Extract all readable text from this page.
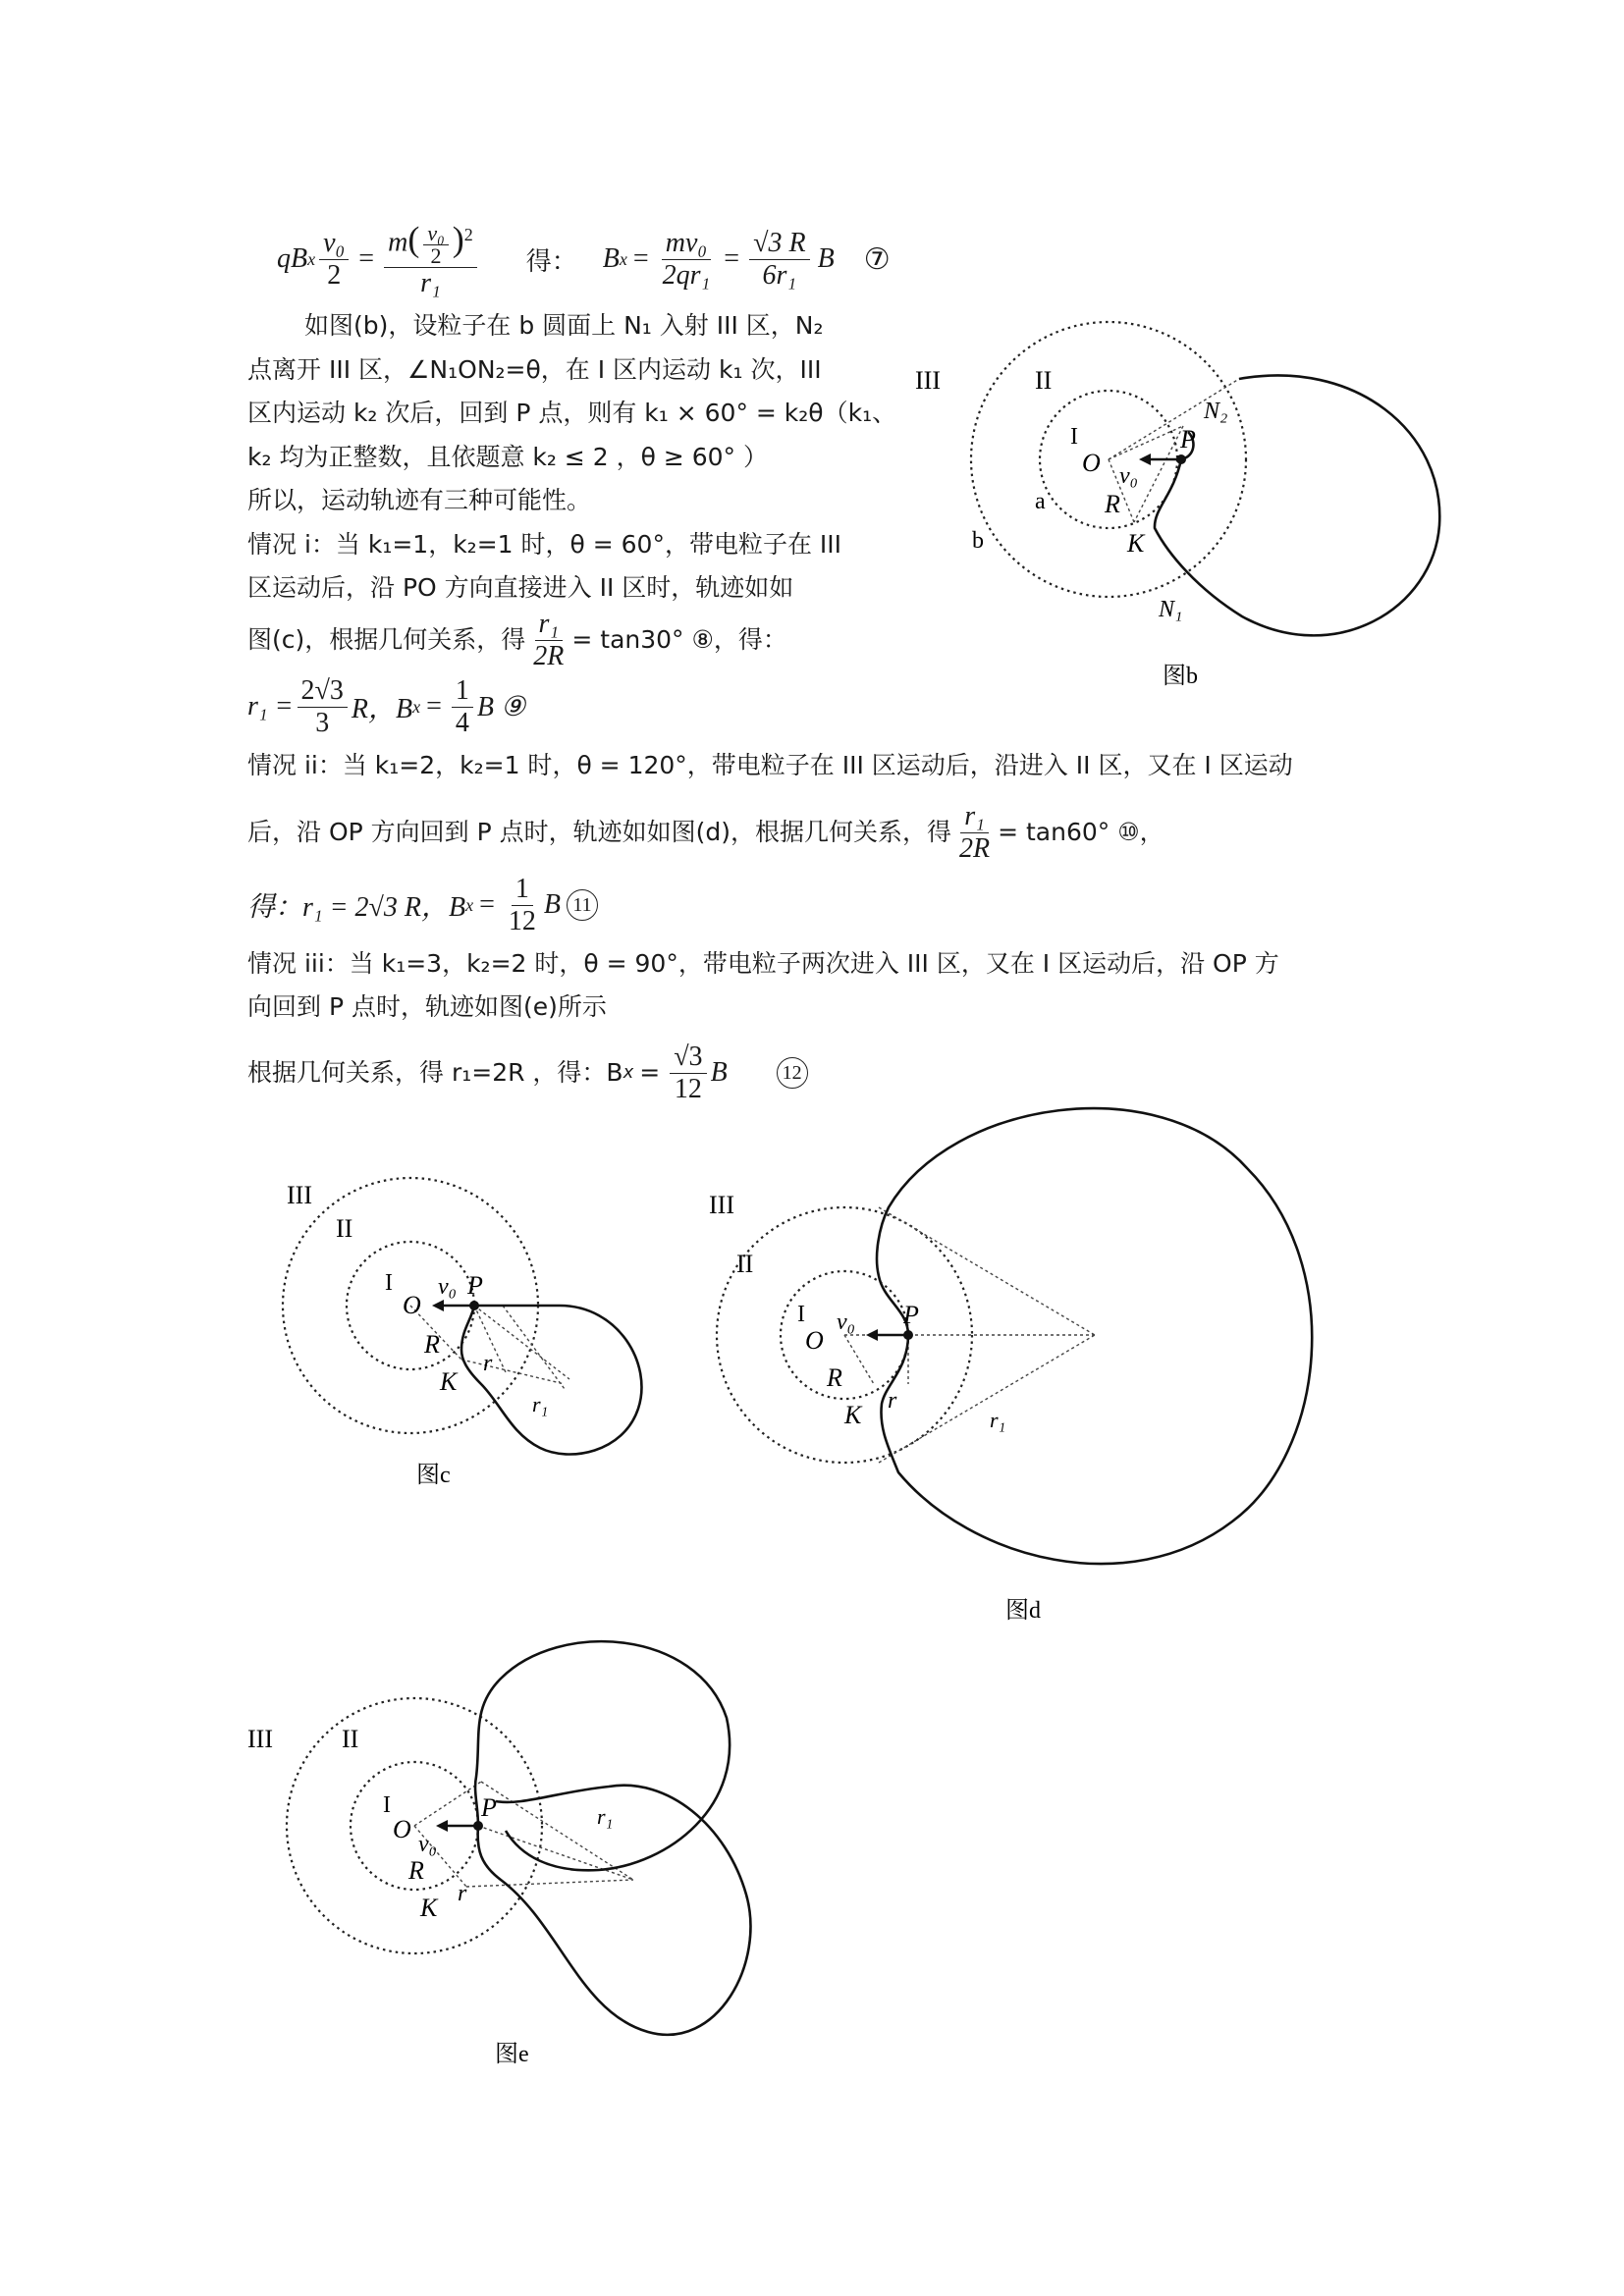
q B x $\frac{\text{v₀}}{2} = \frac{m( \frac{\text{v₀}}{2} )^2}{\text{r₁}}$ 得： B $x = \frac{\text{mv₀}}{\text{2qr₁}} = \frac{√3 R}{\text{6r₁}}$ B ⑦
如图(b)，设粒子在 b 圆面上 N₁ 入射 III 区，N₂
点离开 III 区，∠N₁ON₂=θ，在 I 区内运动 k₁ 次，III
区内运动 k₂ 次后，回到 P 点，则有 k₁ × 60° = k₂θ（k₁、
k₂ 均为正整数，且依题意 k₂ ≤ 2 ，θ ≥ 60° ）
所以，运动轨迹有三种可能性。
情况 i：当 k₁=1，k₂=1 时，θ = 60°，带电粒子在 III
区运动后，沿 PO 方向直接进入 II 区时，轨迹如如
图(c)，根据几何关系，得 $\frac{\text{r₁}}{2R} = \tan 30^\circ$ ⑧，得：
$r_1 = \frac{2√3}{3}$ R，B $x = \frac{1}{4}$ B ⑨
情况 ii：当 k₁=2，k₂=1 时，θ = 120°，带电粒子在 III 区运动后，沿进入 II 区，又在 I 区运动
后，沿 OP 方向回到 P 点时，轨迹如如图(d)，根据几何关系，得 $\frac{\text{r₁}}{2R} = \tan 60^\circ$ ⑩，
得：r₁ = 2√3 R，B $x = \frac{1}{12}$ B 11
情况 iii：当 k₁=3，k₂=2 时，θ = 90°，带电粒子两次进入 III 区，又在 I 区运动后，沿 OP 方
向回到 P 点时，轨迹如图(e)所示
根据几何关系，得 r₁=2R ，得：B $x = \frac{√3}{12}$ B	12
III	II
I
O
P
v₀
R
K
a
b
N₁
N₂
图b
III
II
I
O
P
v₀
R
K
r
r₁
图c
III
II
I
O
P
v₀
R
K r
r₁
图d
III	II
I
O
P
v₀
R
K r
r₁
图e
